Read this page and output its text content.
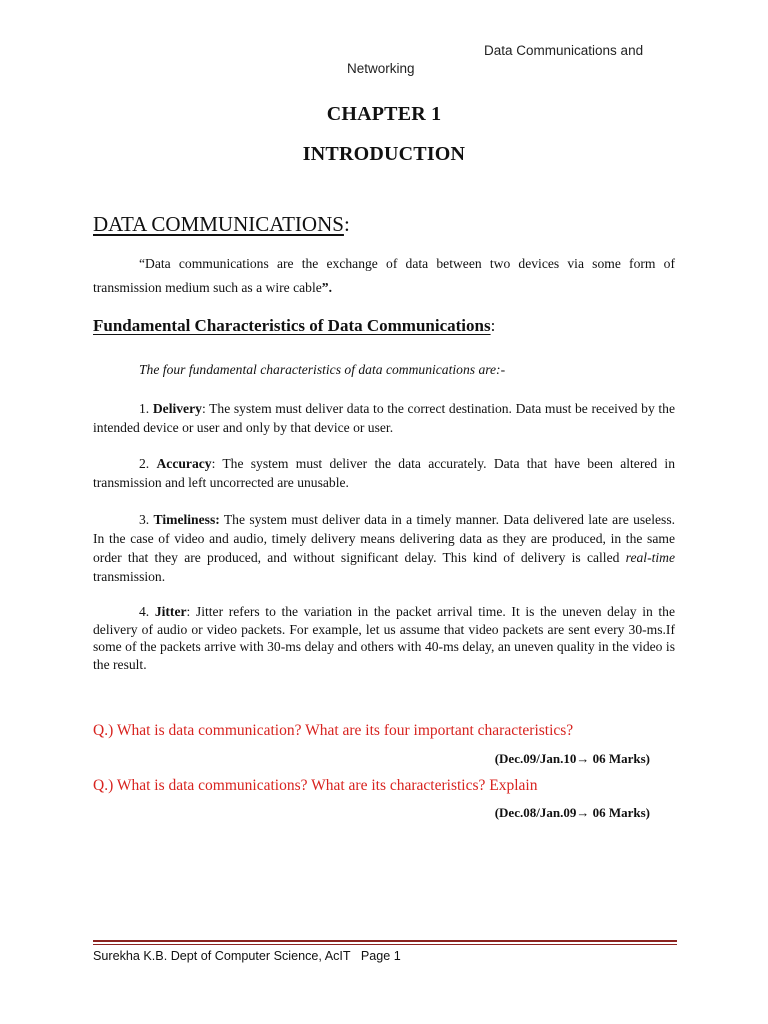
Data Communications and
Networking
CHAPTER 1
INTRODUCTION
DATA COMMUNICATIONS:
“Data communications are the exchange of data between two devices via some form of transmission medium such as a wire cable”.
Fundamental Characteristics of Data Communications:
The four fundamental characteristics of data communications are:-
1. Delivery: The system must deliver data to the correct destination. Data must be received by the intended device or user and only by that device or user.
2. Accuracy: The system must deliver the data accurately. Data that have been altered in transmission and left uncorrected are unusable.
3. Timeliness: The system must deliver data in a timely manner. Data delivered late are useless. In the case of video and audio, timely delivery means delivering data as they are produced, in the same order that they are produced, and without significant delay. This kind of delivery is called real-time transmission.
4. Jitter: Jitter refers to the variation in the packet arrival time. It is the uneven delay in the delivery of audio or video packets. For example, let us assume that video packets are sent every 30-ms.If some of the packets arrive with 30-ms delay and others with 40-ms delay, an uneven quality in the video is the result.
Q.) What is data communication? What are its four important characteristics?
(Dec.09/Jan.10→ 06 Marks)
Q.) What is data communications? What are its characteristics? Explain
(Dec.08/Jan.09→ 06 Marks)
Surekha K.B. Dept of Computer Science, AcIT   Page 1
